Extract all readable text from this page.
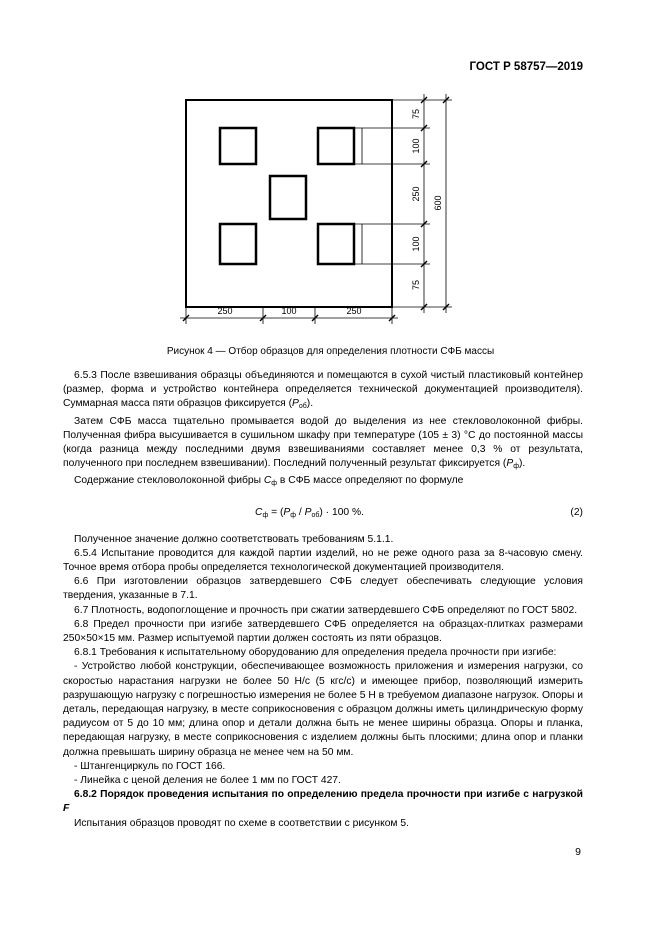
ГОСТ Р 58757—2019
75
100
250
100
75
600
250	100	250
Рисунок 4 — Отбор образцов для определения плотности СФБ массы

6.5.3 После взвешивания образцы объединяются и помещаются в сухой чистый пластиковый контейнер (размер, форма и устройство контейнера определяется технической документацией производителя). Суммарная масса пяти образцов фиксируется $(P_{об})$.

Затем СФБ масса тщательно промывается водой до выделения из нее стекловолоконной фибры. Полученная фибра высушивается в сушильном шкафу при температуре (105 ± 3) °С до постоянной массы (когда разница между последними двумя взвешиваниями составляет менее 0,3 % от результата, полученного при последнем взвешивании). Последний полученный результат фиксируется $(P_ф)$.

Содержание стекловолоконной фибры $C_ф$ в СФБ массе определяют по формуле

$C_ф = (P_ф / P_{об}) \cdot 100$ %.	(2)

Полученное значение должно соответствовать требованиям 5.1.1.

6.5.4 Испытание проводится для каждой партии изделий, но не реже одного раза за 8-часовую смену. Точное время отбора пробы определяется технологической документацией производителя.

6.6 При изготовлении образцов затвердевшего СФБ следует обеспечивать следующие условия твердения, указанные в 7.1.

6.7 Плотность, водопоглощение и прочность при сжатии затвердевшего СФБ определяют по ГОСТ 5802.

6.8 Предел прочности при изгибе затвердевшего СФБ определяется на образцах-плитках размерами 250×50×15 мм. Размер испытуемой партии должен состоять из пяти образцов.

6.8.1 Требования к испытательному оборудованию для определения предела прочности при изгибе:

- Устройство любой конструкции, обеспечивающее возможность приложения и измерения нагрузки, со скоростью нарастания нагрузки не более 50 Н/с (5 кгс/с) и имеющее прибор, позволяющий измерить разрушающую нагрузку с погрешностью измерения не более 5 Н в требуемом диапазоне нагрузок. Опоры и деталь, передающая нагрузку, в месте соприкосновения с образцом должны иметь цилиндрическую форму радиусом от 5 до 10 мм; длина опор и детали должна быть не менее ширины образца. Опоры и планка, передающая нагрузку, в месте соприкосновения с изделием должны быть плоскими; длина опор и планки должна превышать ширину образца не менее чем на 50 мм.

- Штангенциркуль по ГОСТ 166.

- Линейка с ценой деления не более 1 мм по ГОСТ 427.

6.8.2 Порядок проведения испытания по определению предела прочности при изгибе с нагрузкой F

Испытания образцов проводят по схеме в соответствии с рисунком 5.

9
